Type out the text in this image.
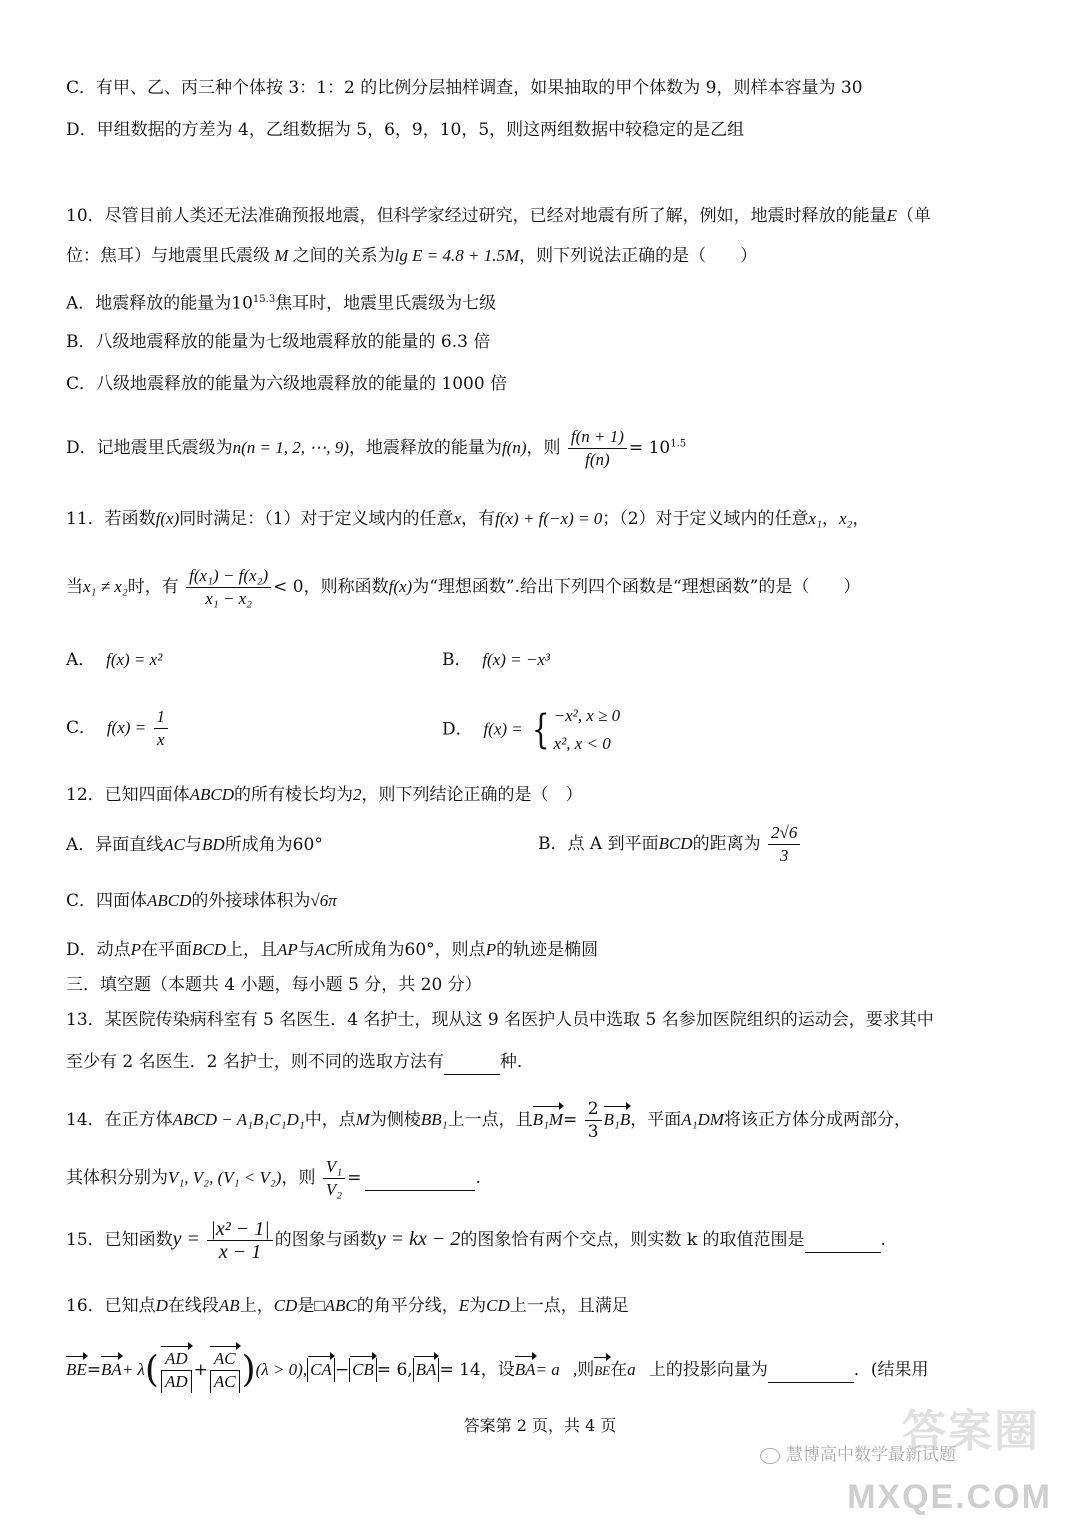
C．有甲、乙、丙三种个体按 3：1：2 的比例分层抽样调查，如果抽取的甲个体数为 9，则样本容量为 30
D．甲组数据的方差为 4，乙组数据为 5，6，9，10，5，则这两组数据中较稳定的是乙组
10．尽管目前人类还无法准确预报地震，但科学家经过研究，已经对地震有所了解，例如，地震时释放的能量E（单
位：焦耳）与地震里氏震级 M 之间的关系为lg E = 4.8 + 1.5M，则下列说法正确的是（　　）
A．地震释放的能量为$10^{15.3}$焦耳时，地震里氏震级为七级
B．八级地震释放的能量为七级地震释放的能量的 6.3 倍
C．八级地震释放的能量为六级地震释放的能量的 1000 倍
D．记地震里氏震级为n(n = 1, 2, ⋯, 9)，地震释放的能量为f(n)，则 $\frac{f(n + 1)}{f(n)} = 10^{1.5}$
11．若函数f(x)同时满足：（1）对于定义域内的任意x，有f(x) + f(−x) = 0；（2）对于定义域内的任意x₁，x₂，
当x₁ ≠ x₂时，有 $\frac{\text{f(x₁) − f(x₂)}}{\text{x₁ − x₂}} < 0$，则称函数f(x)为“理想函数”.给出下列四个函数是“理想函数”的是（　　）
A． f(x) = x²	B． f(x) = −x³
C． $f(x) = \frac{1}{x}$	D． f(x) = { −x², x ≥ 0
x², x < 0
12．已知四面体ABCD的所有棱长均为2，则下列结论正确的是（　）
A．异面直线AC与BD所成角为60°	B．点 A 到平面BCD的距离为 $\frac{2√6}{3}$
C．四面体ABCD的外接球体积为√6π
D．动点P在平面BCD上，且AP与AC所成角为60°，则点P的轨迹是椭圆
三．填空题（本题共 4 小题，每小题 5 分，共 20 分）
13．某医院传染病科室有 5 名医生．4 名护士，现从这 9 名医护人员中选取 5 名参加医院组织的运动会，要求其中
至少有 2 名医生．2 名护士，则不同的选取方法有	种．
14．在正方体ABCD − A₁B₁C₁D₁中，点M为侧棱BB₁上一点，且$B_1M= \frac{2}{3} B_1B$，平面A₁DM将该正方体分成两部分，
其体积分别为V₁, V₂, (V₁ < V₂)，则 $\frac{\text{V₁}}{\text{V₂}}$ =	.
15．已知函数$y = \frac{\text{|x² − 1|}}{x - 1}$ 的图象与函数y = kx − 2的图象恰有两个交点，则实数 k 的取值范围是	.
16．已知点D在线段AB上，CD是□ABC的角平分线，E为CD上一点，且满足
$BE=BA+ \lambda( \frac{AD}{AD} + \frac{AC}{AC} )(\lambda > 0)$, CA − CB = 6, BA = 14，设BA= a⃗,则BE在a⃗上的投影向量为	．(结果用
答案第 2 页，共 4 页
慧博高中数学最新试题
答案圈
MXQE.COM
